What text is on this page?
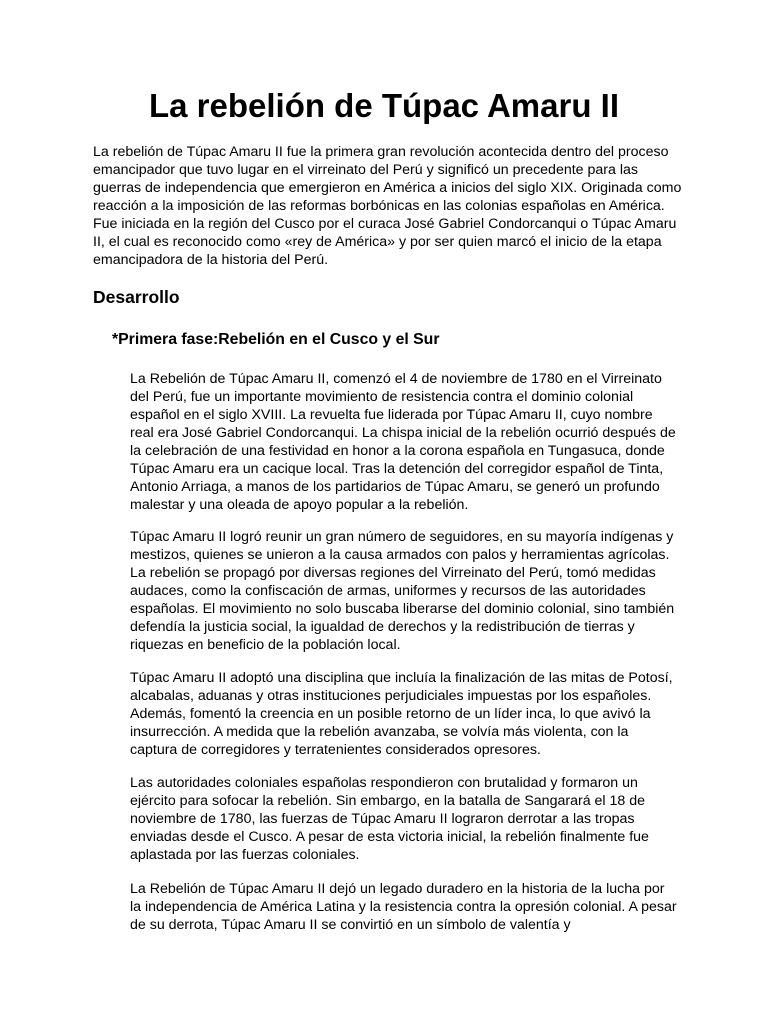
La rebelión de Túpac Amaru II

La rebelión de Túpac Amaru II fue la primera gran revolución acontecida dentro del proceso emancipador que tuvo lugar en el virreinato del Perú y significó un precedente para las guerras de independencia que emergieron en América a inicios del siglo XIX. Originada como reacción a la imposición de las reformas borbónicas en las colonias españolas en América. Fue iniciada en la región del Cusco por el curaca José Gabriel Condorcanqui o Túpac Amaru II, el cual es reconocido como «rey de América» y por ser quien marcó el inicio de la etapa emancipadora de la historia del Perú.

Desarrollo
*Primera fase:Rebelión en el Cusco y el Sur

La Rebelión de Túpac Amaru II, comenzó el 4 de noviembre de 1780 en el Virreinato del Perú, fue un importante movimiento de resistencia contra el dominio colonial español en el siglo XVIII. La revuelta fue liderada por Túpac Amaru II, cuyo nombre real era José Gabriel Condorcanqui. La chispa inicial de la rebelión ocurrió después de la celebración de una festividad en honor a la corona española en Tungasuca, donde Túpac Amaru era un cacique local. Tras la detención del corregidor español de Tinta, Antonio Arriaga, a manos de los partidarios de Túpac Amaru, se generó un profundo malestar y una oleada de apoyo popular a la rebelión.

Túpac Amaru II logró reunir un gran número de seguidores, en su mayoría indígenas y mestizos, quienes se unieron a la causa armados con palos y herramientas agrícolas. La rebelión se propagó por diversas regiones del Virreinato del Perú, tomó medidas audaces, como la confiscación de armas, uniformes y recursos de las autoridades españolas. El movimiento no solo buscaba liberarse del dominio colonial, sino también defendía la justicia social, la igualdad de derechos y la redistribución de tierras y riquezas en beneficio de la población local.

Túpac Amaru II adoptó una disciplina que incluía la finalización de las mitas de Potosí, alcabalas, aduanas y otras instituciones perjudiciales impuestas por los españoles. Además, fomentó la creencia en un posible retorno de un líder inca, lo que avivó la insurrección. A medida que la rebelión avanzaba, se volvía más violenta, con la captura de corregidores y terratenientes considerados opresores.

Las autoridades coloniales españolas respondieron con brutalidad y formaron un ejército para sofocar la rebelión. Sin embargo, en la batalla de Sangarará el 18 de noviembre de 1780, las fuerzas de Túpac Amaru II lograron derrotar a las tropas enviadas desde el Cusco. A pesar de esta victoria inicial, la rebelión finalmente fue aplastada por las fuerzas coloniales.

La Rebelión de Túpac Amaru II dejó un legado duradero en la historia de la lucha por la independencia de América Latina y la resistencia contra la opresión colonial. A pesar de su derrota, Túpac Amaru II se convirtió en un símbolo de valentía y
